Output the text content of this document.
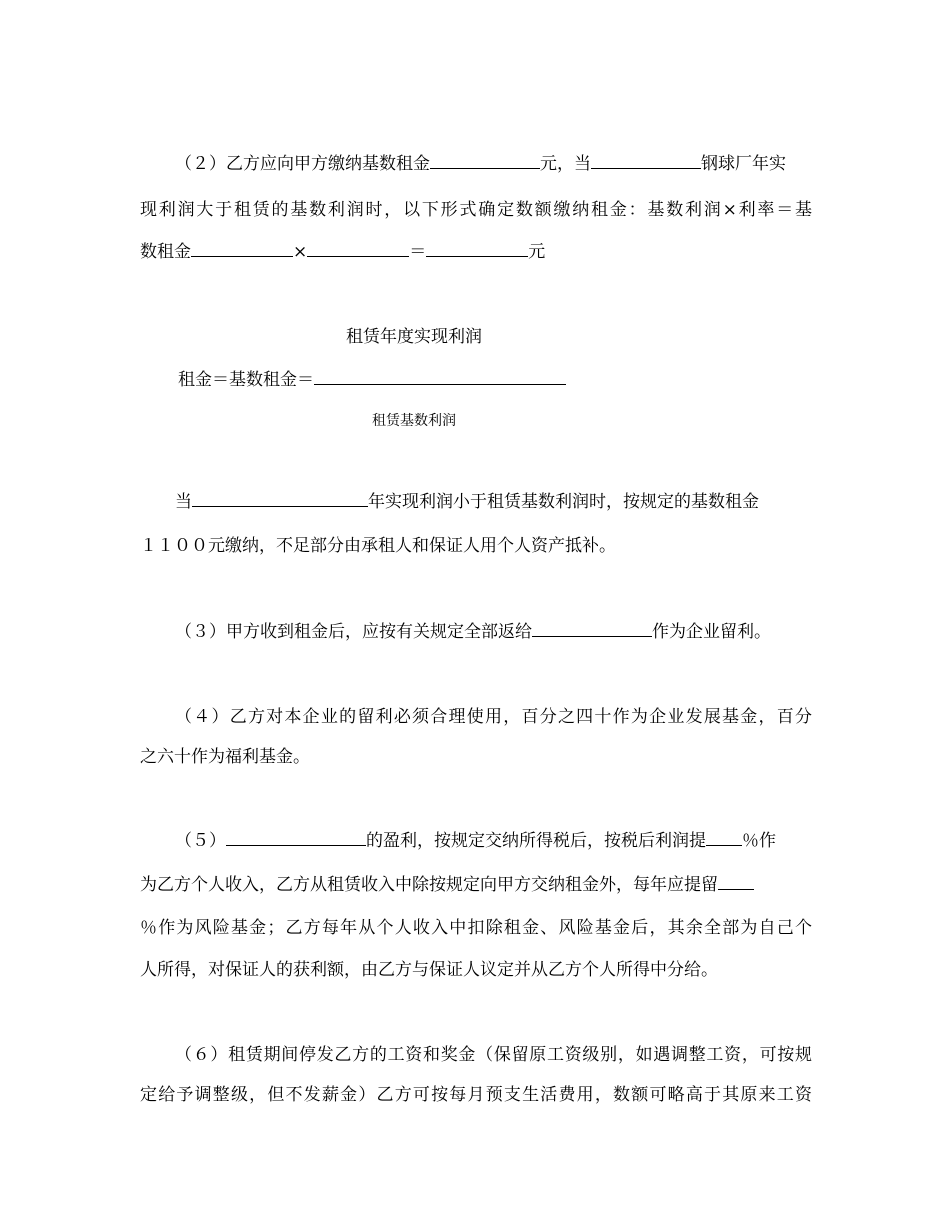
（２）乙方应向甲方缴纳基数租金	元，当	钢球厂年实
现利润大于租赁的基数利润时，以下形式确定数额缴纳租金：基数利润×利率＝基
数租金	×	＝	元
租赁年度实现利润
租金＝基数租金＝
租赁基数利润
当	年实现利润小于租赁基数利润时，按规定的基数租金
１１００元缴纳，不足部分由承租人和保证人用个人资产抵补。
（３）甲方收到租金后，应按有关规定全部返给	作为企业留利。
（４）乙方对本企业的留利必须合理使用，百分之四十作为企业发展基金，百分
之六十作为福利基金。
（５）	的盈利，按规定交纳所得税后，按税后利润提 ％作
为乙方个人收入，乙方从租赁收入中除按规定向甲方交纳租金外，每年应提留
％作为风险基金；乙方每年从个人收入中扣除租金、风险基金后，其余全部为自己个
人所得，对保证人的获利额，由乙方与保证人议定并从乙方个人所得中分给。
（６）租赁期间停发乙方的工资和奖金（保留原工资级别，如遇调整工资，可按规
定给予调整级，但不发薪金）乙方可按每月预支生活费用，数额可略高于其原来工资
